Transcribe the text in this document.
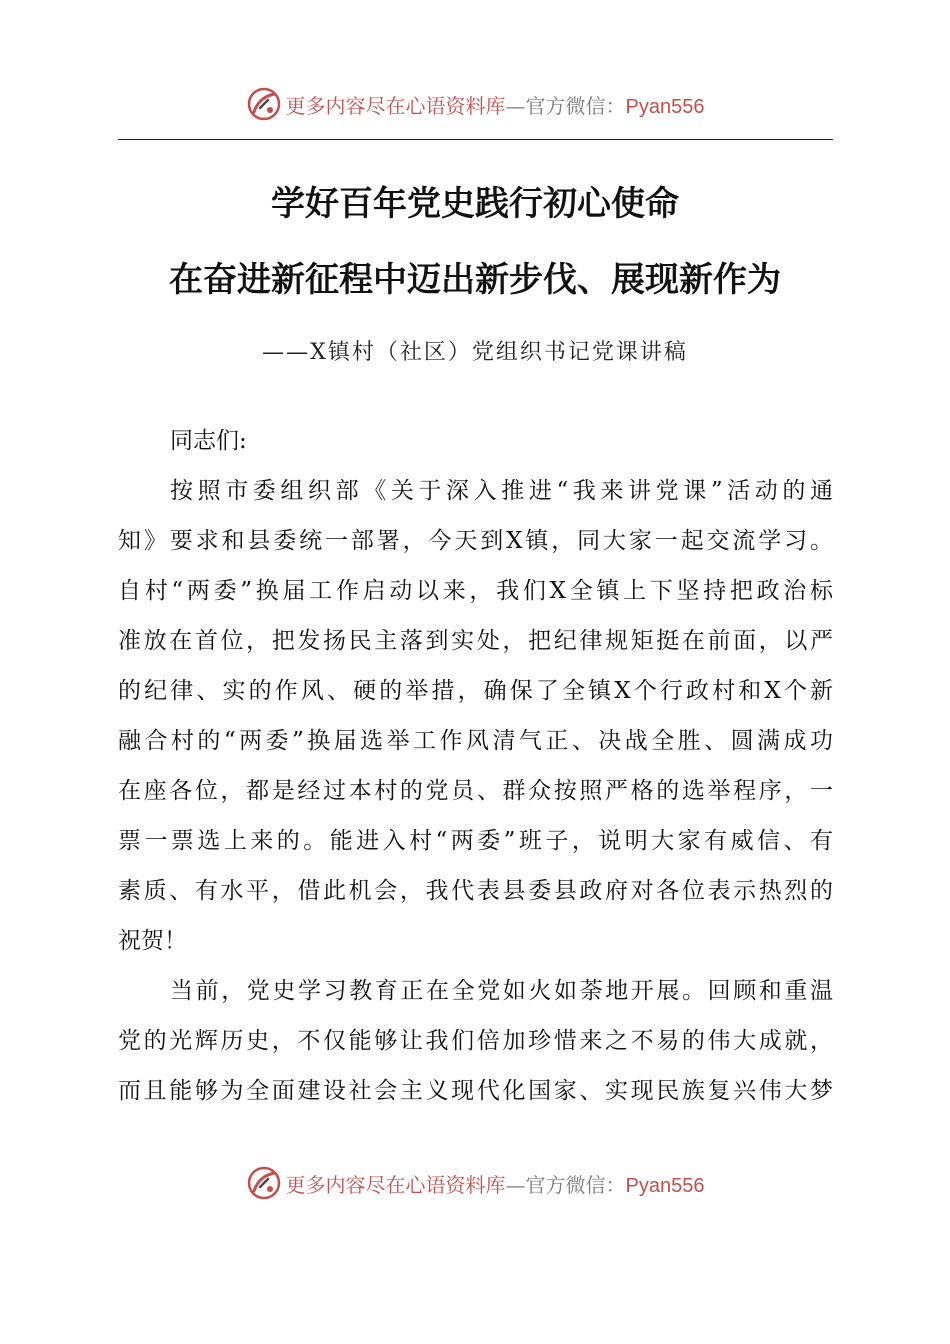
更多内容尽在心语资料库—官方微信：Pyan556
学好百年党史践行初心使命
在奋进新征程中迈出新步伐、展现新作为
——X镇村（社区）党组织书记党课讲稿
同志们:
按照市委组织部《关于深入推进“我来讲党课”活动的通
知》要求和县委统一部署，今天到X镇，同大家一起交流学习。
自村“两委”换届工作启动以来，我们X全镇上下坚持把政治标
准放在首位，把发扬民主落到实处，把纪律规矩挺在前面，以严
的纪律、实的作风、硬的举措，确保了全镇X个行政村和X个新
融合村的“两委”换届选举工作风清气正、决战全胜、圆满成功
在座各位，都是经过本村的党员、群众按照严格的选举程序，一
票一票选上来的。能进入村“两委”班子，说明大家有威信、有
素质、有水平，借此机会，我代表县委县政府对各位表示热烈的
祝贺！
当前，党史学习教育正在全党如火如荼地开展。回顾和重温
党的光辉历史，不仅能够让我们倍加珍惜来之不易的伟大成就，
而且能够为全面建设社会主义现代化国家、实现民族复兴伟大梦
更多内容尽在心语资料库—官方微信：Pyan556
